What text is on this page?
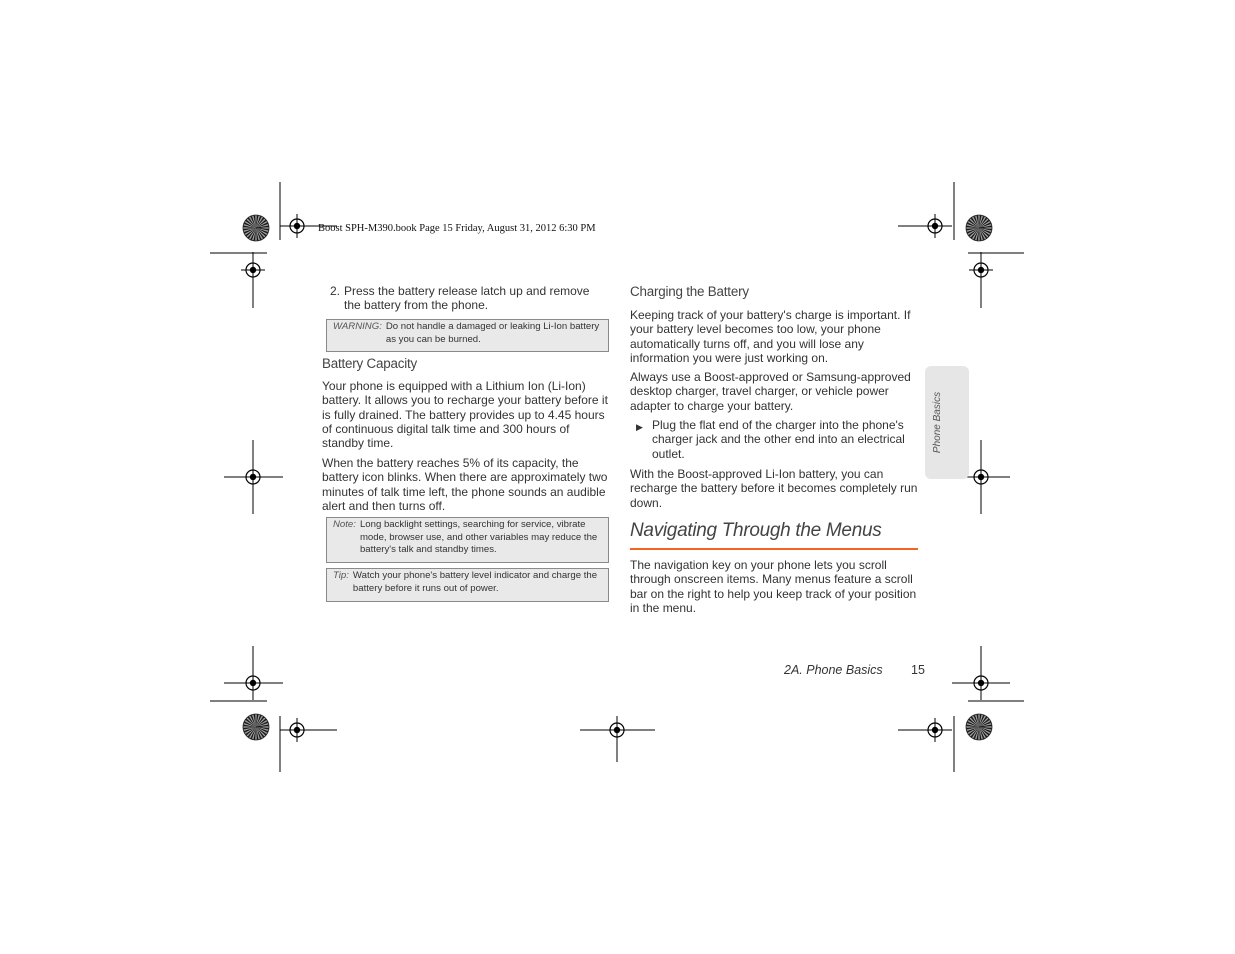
Boost SPH-M390.book Page 15 Friday, August 31, 2012 6:30 PM

2. Press the battery release latch up and remove the battery from the phone.

WARNING: Do not handle a damaged or leaking Li-Ion battery as you can be burned.
Battery Capacity

Your phone is equipped with a Lithium Ion (Li-Ion) battery. It allows you to recharge your battery before it is fully drained. The battery provides up to 4.45 hours of continuous digital talk time and 300 hours of standby time.

When the battery reaches 5% of its capacity, the battery icon blinks. When there are approximately two minutes of talk time left, the phone sounds an audible alert and then turns off.

Note: Long backlight settings, searching for service, vibrate mode, browser use, and other variables may reduce the battery's talk and standby times.
Tip: Watch your phone's battery level indicator and charge the battery before it runs out of power.
Charging the Battery

Keeping track of your battery's charge is important. If your battery level becomes too low, your phone automatically turns off, and you will lose any information you were just working on.

Always use a Boost-approved or Samsung-approved desktop charger, travel charger, or vehicle power adapter to charge your battery.

▶ Plug the flat end of the charger into the phone's charger jack and the other end into an electrical outlet.

With the Boost-approved Li-Ion battery, you can recharge the battery before it becomes completely run down.

Navigating Through the Menus

The navigation key on your phone lets you scroll through onscreen items. Many menus feature a scroll bar on the right to help you keep track of your position in the menu.

Phone Basics
2A. Phone Basics 15
